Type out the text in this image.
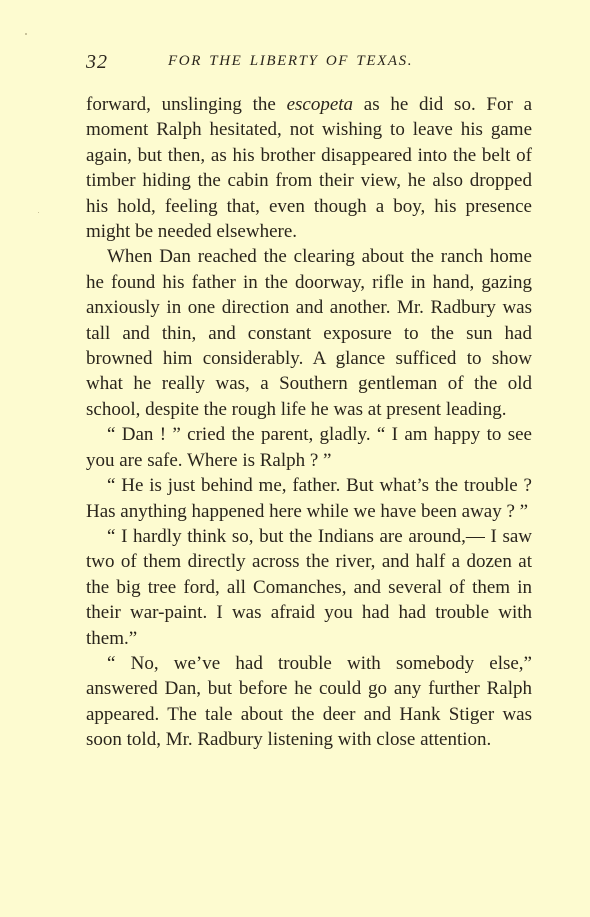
32	FOR THE LIBERTY OF TEXAS.

forward, unslinging the escopeta as he did so. For a moment Ralph hesitated, not wishing to leave his game again, but then, as his brother disappeared into the belt of timber hiding the cabin from their view, he also dropped his hold, feeling that, even though a boy, his presence might be needed elsewhere.

When Dan reached the clearing about the ranch home he found his father in the doorway, rifle in hand, gazing anxiously in one direction and another. Mr. Radbury was tall and thin, and constant exposure to the sun had browned him considerably. A glance sufficed to show what he really was, a Southern gentleman of the old school, despite the rough life he was at present leading.

“ Dan ! ” cried the parent, gladly. “ I am happy to see you are safe. Where is Ralph ? ”

“ He is just behind me, father. But what’s the trouble ? Has anything happened here while we have been away ? ”

“ I hardly think so, but the Indians are around,— I saw two of them directly across the river, and half a dozen at the big tree ford, all Comanches, and several of them in their war-paint. I was afraid you had had trouble with them.”

“ No, we’ve had trouble with somebody else,” answered Dan, but before he could go any further Ralph appeared. The tale about the deer and Hank Stiger was soon told, Mr. Radbury listening with close attention.
